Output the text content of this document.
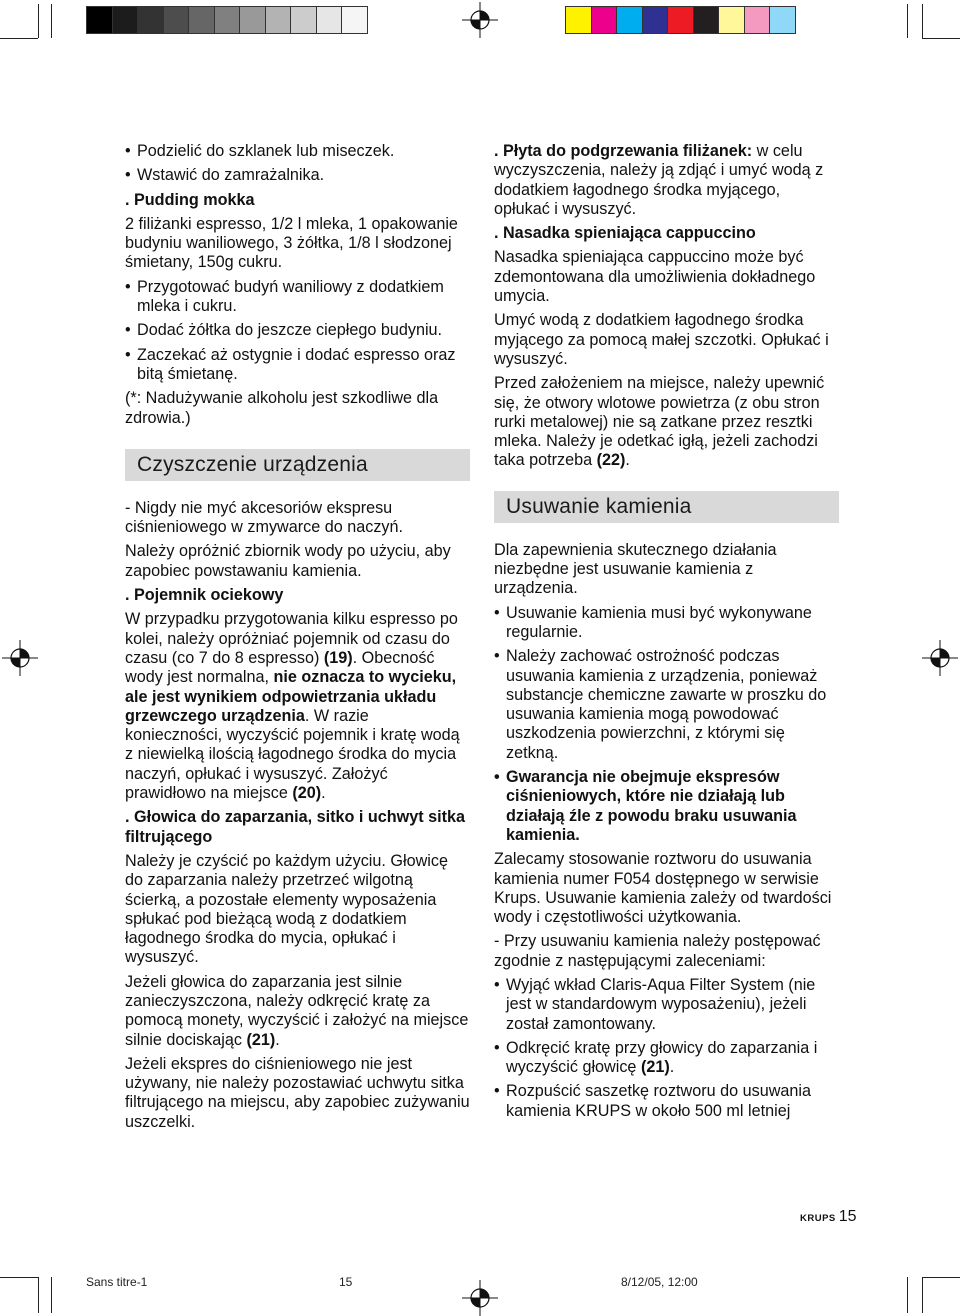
• Podzielić do szklanek lub miseczek.
• Wstawić do zamrażalnika.
. Pudding mokka
2 filiżanki espresso, 1/2 l mleka, 1 opakowanie budyniu waniliowego, 3 żółtka, 1/8 l słodzonej śmietany, 150g cukru.
• Przygotować budyń waniliowy z dodatkiem mleka i cukru.
• Dodać żółtka do jeszcze ciepłego budyniu.
• Zaczekać aż ostygnie i dodać espresso oraz bitą śmietanę.
(*: Nadużywanie alkoholu jest szkodliwe dla zdrowia.)
Czyszczenie urządzenia
- Nigdy nie myć akcesoriów ekspresu ciśnieniowego w zmywarce do naczyń.
Należy opróżnić zbiornik wody po użyciu, aby zapobiec powstawaniu kamienia.
. Pojemnik ociekowy
W przypadku przygotowania kilku espresso po kolei, należy opróżniać pojemnik od czasu do czasu (co 7 do 8 espresso) (19). Obecność wody jest normalna, nie oznacza to wycieku, ale jest wynikiem odpowietrzania układu grzewczego urządzenia. W razie konieczności, wyczyścić pojemnik i kratę wodą z niewielką ilością łagodnego środka do mycia naczyń, opłukać i wysuszyć. Założyć prawidłowo na miejsce (20).
. Głowica do zaparzania, sitko i uchwyt sitka filtrującego
Należy je czyścić po każdym użyciu. Głowicę do zaparzania należy przetrzeć wilgotną ścierką, a pozostałe elementy wyposażenia spłukać pod bieżącą wodą z dodatkiem łagodnego środka do mycia, opłukać i wysuszyć.
Jeżeli głowica do zaparzania jest silnie zanieczyszczona, należy odkręcić kratę za pomocą monety, wyczyścić i założyć na miejsce silnie dociskając (21).
Jeżeli ekspres do ciśnieniowego nie jest używany, nie należy pozostawiać uchwytu sitka filtrującego na miejscu, aby zapobiec zużywaniu uszczelki.
. Płyta do podgrzewania filiżanek: w celu wyczyszczenia, należy ją zdjąć i umyć wodą z dodatkiem łagodnego środka myjącego, opłukać i wysuszyć.
. Nasadka spieniająca cappuccino
Nasadka spieniająca cappuccino może być zdemontowana dla umożliwienia dokładnego umycia.
Umyć wodą z dodatkiem łagodnego środka myjącego za pomocą małej szczotki. Opłukać i wysuszyć.
Przed założeniem na miejsce, należy upewnić się, że otwory wlotowe powietrza (z obu stron rurki metalowej) nie są zatkane przez resztki mleka. Należy je odetkać igłą, jeżeli zachodzi taka potrzeba (22).
Usuwanie kamienia
Dla zapewnienia skutecznego działania niezbędne jest usuwanie kamienia z urządzenia.
• Usuwanie kamienia musi być wykonywane regularnie.
• Należy zachować ostrożność podczas usuwania kamienia z urządzenia, ponieważ substancje chemiczne zawarte w proszku do usuwania kamienia mogą powodować uszkodzenia powierzchni, z którymi się zetkną.
• Gwarancja nie obejmuje ekspresów ciśnieniowych, które nie działają lub działają źle z powodu braku usuwania kamienia.
Zalecamy stosowanie roztworu do usuwania kamienia numer F054 dostępnego w serwisie Krups. Usuwanie kamienia zależy od twardości wody i częstotliwości użytkowania.
- Przy usuwaniu kamienia należy postępować zgodnie z następującymi zaleceniami:
• Wyjąć wkład Claris-Aqua Filter System (nie jest w standardowym wyposażeniu), jeżeli został zamontowany.
• Odkręcić kratę przy głowicy do zaparzania i wyczyścić głowicę (21).
• Rozpuścić saszetkę roztworu do usuwania kamienia KRUPS w około 500 ml letniej
KRUPS 15
Sans titre-1	15	8/12/05, 12:00
